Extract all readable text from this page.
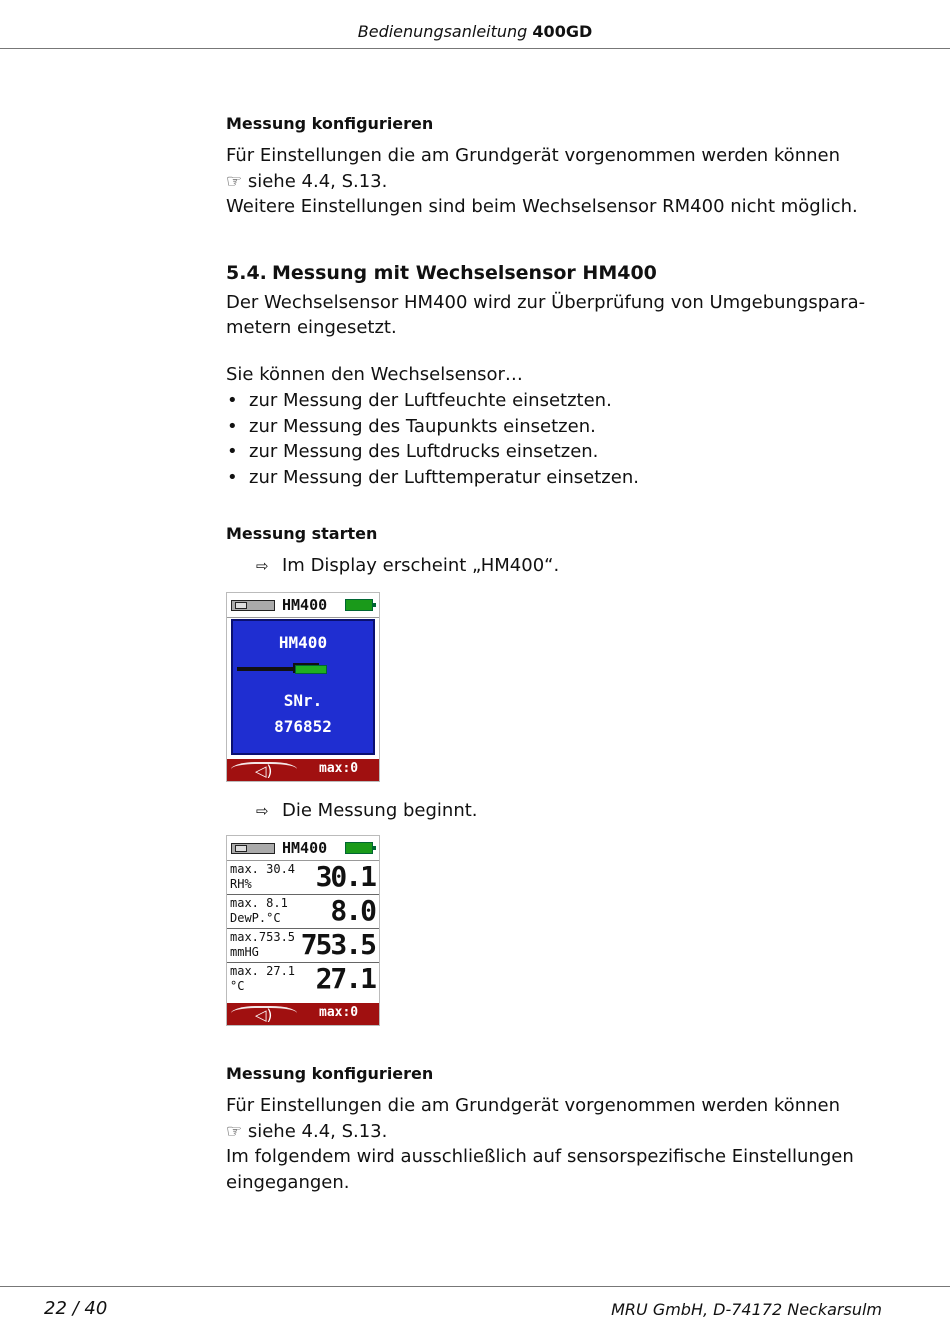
Bedienungsanleitung 400GD
Messung konfigurieren
Für Einstellungen die am Grundgerät vorgenommen werden können
☞ siehe 4.4, S.13.
Weitere Einstellungen sind beim Wechselsensor RM400 nicht möglich.
5.4. Messung mit Wechselsensor HM400
Der Wechselsensor HM400 wird zur Überprüfung von Umgebungspara-
metern eingesetzt.
Sie können den Wechselsensor…
• zur Messung der Luftfeuchte einsetzten.
• zur Messung des Taupunkts einsetzen.
• zur Messung des Luftdrucks einsetzen.
• zur Messung der Lufttemperatur einsetzen.
Messung starten
⇨ Im Display erscheint „HM400“.
HM400
HM400
SNr.
876852
◁)	max:0
⇨ Die Messung beginnt.
HM400
max. 30.4
RH% 30.1
max. 8.1
DewP.°C 8.0
max.753.5
mmHG 753.5
max. 27.1
°C	27.1
◁)	max:0
Messung konfigurieren
Für Einstellungen die am Grundgerät vorgenommen werden können
☞ siehe 4.4, S.13.
Im folgendem wird ausschließlich auf sensorspezifische Einstellungen
eingegangen.
22 / 40	MRU GmbH, D-74172 Neckarsulm
